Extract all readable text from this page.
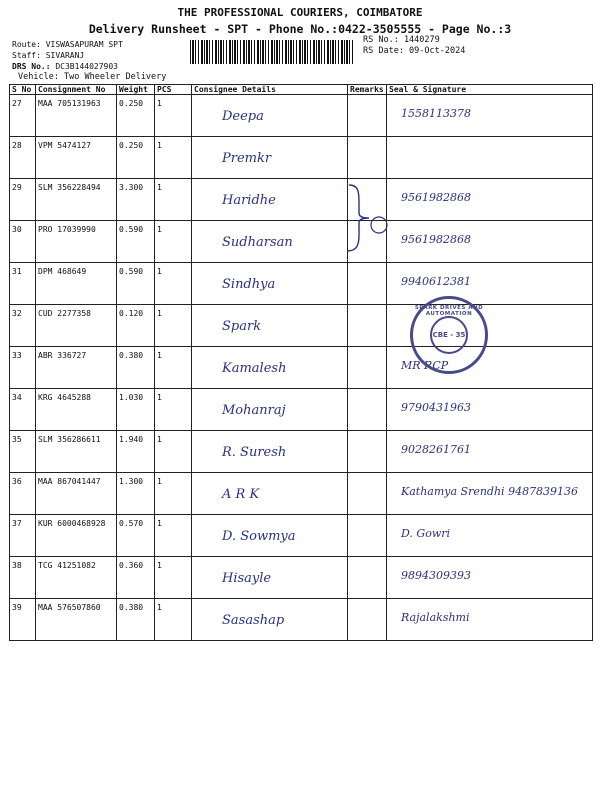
THE PROFESSIONAL COURIERS, COIMBATORE
Delivery Runsheet - SPT - Phone No.:0422-3505555 - Page No.:3
Route: VISWASAPURAM SPT
Staff: SIVARANJ
DRS No.: DC3B144027903
RS No.: 1440279
RS Date: 09-Oct-2024
Vehicle: Two Wheeler Delivery
S No	Consignment No	Weight	PCS	Consignee Details	Remarks	Seal & Signature

27	MAA 705131963	0.250	1	Deepa		1558113378

28	VPM 5474127	0.250	1	Premkr		

29	SLM 356228494	3.300	1	Haridhe		9561982868

30	PRO 17039990	0.590	1	Sudharsan		9561982868

31	DPM 468649	0.590	1	Sindhya		9940612381

32	CUD 2277358	0.120	1	Spark		

33	ABR 336727	0.380	1	Kamalesh		MR RCP

34	KRG 4645288	1.030	1	Mohanraj		9790431963

35	SLM 356286611	1.940	1	R. Suresh		9028261761

36	MAA 867041447	1.300	1	A R K		Kathamya Srendhi 9487839136

37	KUR 6000468928	0.570	1	D. Sowmya		D. Gowri

38	TCG 41251082	0.360	1	Hisayle		9894309393

39	MAA 576507860	0.380	1	Sasashap		Rajalakshmi
SPARK DRIVES AND AUTOMATION
CBE - 35
